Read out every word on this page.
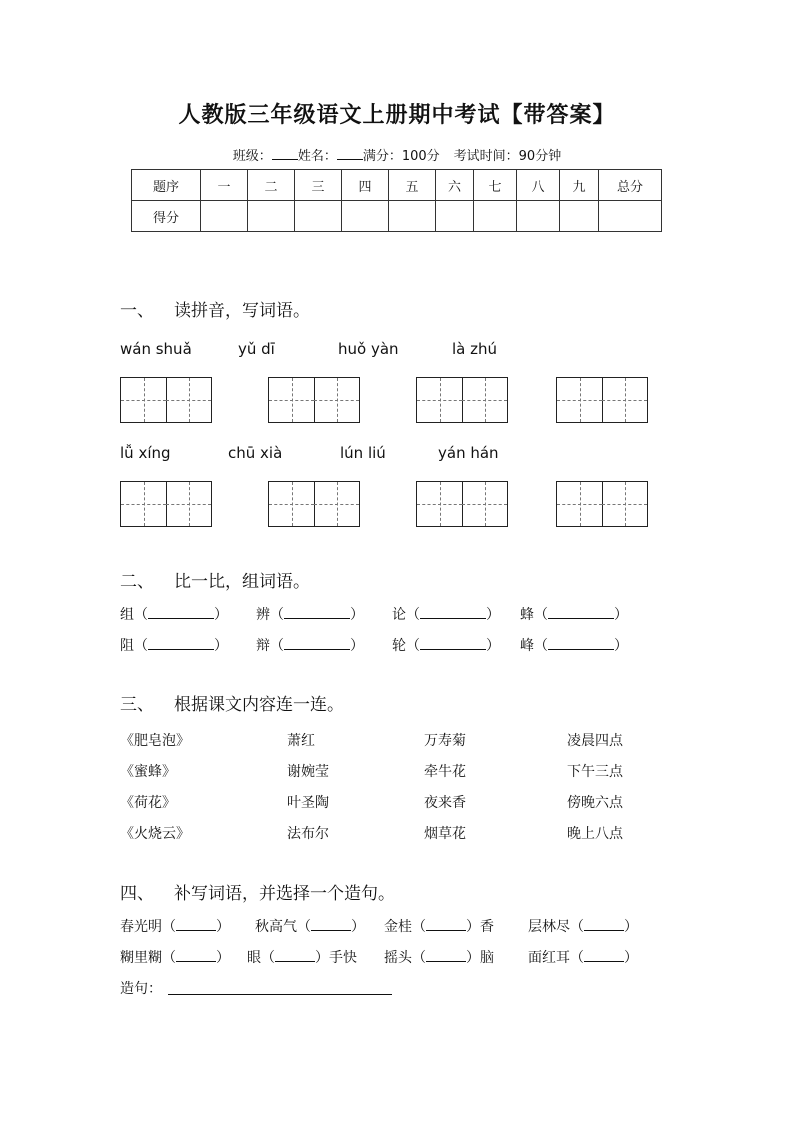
人教版三年级语文上册期中考试【带答案】
班级： 姓名： 满分：100分 考试时间：90分钟
题序	一	二	三	四	五	六	七	八	九	总分
得分										
一、 读拼音，写词语。
wán shuǎ	yǔ dī	huǒ yàn	là zhú
lǚ xíng	chū xià	lún liú	yán hán
二、 比一比，组词语。
组（	） 辨（	） 论（	） 蜂（	）
阻（	） 辩（	） 轮（	） 峰（	）
三、 根据课文内容连一连。
《肥皂泡》	萧红	万寿菊	凌晨四点
《蜜蜂》	谢婉莹	牵牛花	下午三点
《荷花》	叶圣陶	夜来香	傍晚六点
《火烧云》	法布尔	烟草花	晚上八点
四、 补写词语，并选择一个造句。
春光明（	） 秋高气（	） 金桂（	）香 层林尽（	）
糊里糊（	） 眼（	）手快 摇头（	）脑 面红耳（	）
造句：
